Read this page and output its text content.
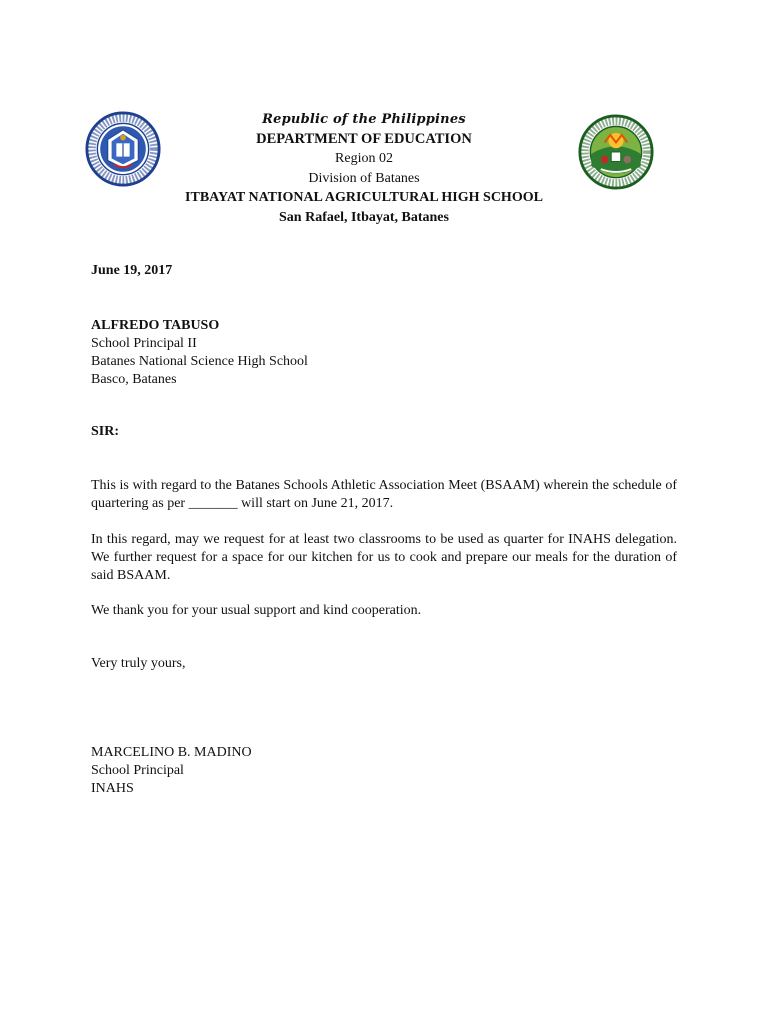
Republic of the Philippines
DEPARTMENT OF EDUCATION
Region 02
Division of Batanes
ITBAYAT NATIONAL AGRICULTURAL HIGH SCHOOL
San Rafael, Itbayat, Batanes
June 19, 2017
ALFREDO TABUSO
School Principal II
Batanes National Science High School
Basco, Batanes
SIR:

This is with regard to the Batanes Schools Athletic Association Meet (BSAAM) wherein the schedule of quartering as per _______ will start on June 21, 2017.

In this regard, may we request for at least two classrooms to be used as quarter for INAHS delegation. We further request for a space for our kitchen for us to cook and prepare our meals for the duration of said BSAAM.

We thank you for your usual support and kind cooperation.

Very truly yours,
MARCELINO B. MADINO
School Principal
INAHS
